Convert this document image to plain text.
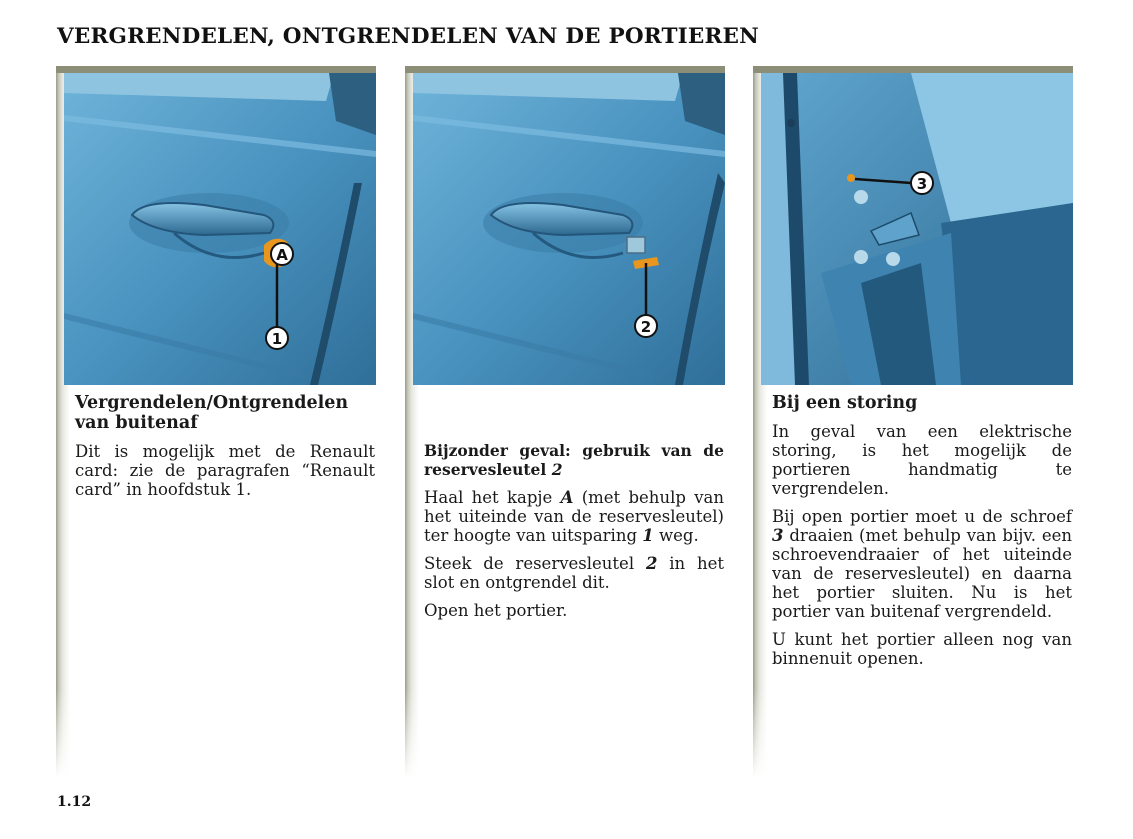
VERGRENDELEN, ONTGRENDELEN VAN DE PORTIEREN
A
1

Vergrendelen/Ontgrendelen van buitenaf

Dit is mogelijk met de Renault card: zie de paragrafen “Renault card” in hoofdstuk 1.

2

Bijzonder geval: gebruik van de reservesleutel 2

Haal het kapje A (met behulp van het uiteinde van de reservesleutel) ter hoogte van uitsparing 1 weg.

Steek de reservesleutel 2 in het slot en ontgrendel dit.

Open het portier.

3

Bij een storing

In geval van een elektrische storing, is het mogelijk de portieren handmatig te vergrendelen.

Bij open portier moet u de schroef 3 draaien (met behulp van bijv. een schroevendraaier of het uiteinde van de reservesleutel) en daarna het portier sluiten. Nu is het portier van buitenaf vergrendeld.

U kunt het portier alleen nog van binnenuit openen.

1.12
